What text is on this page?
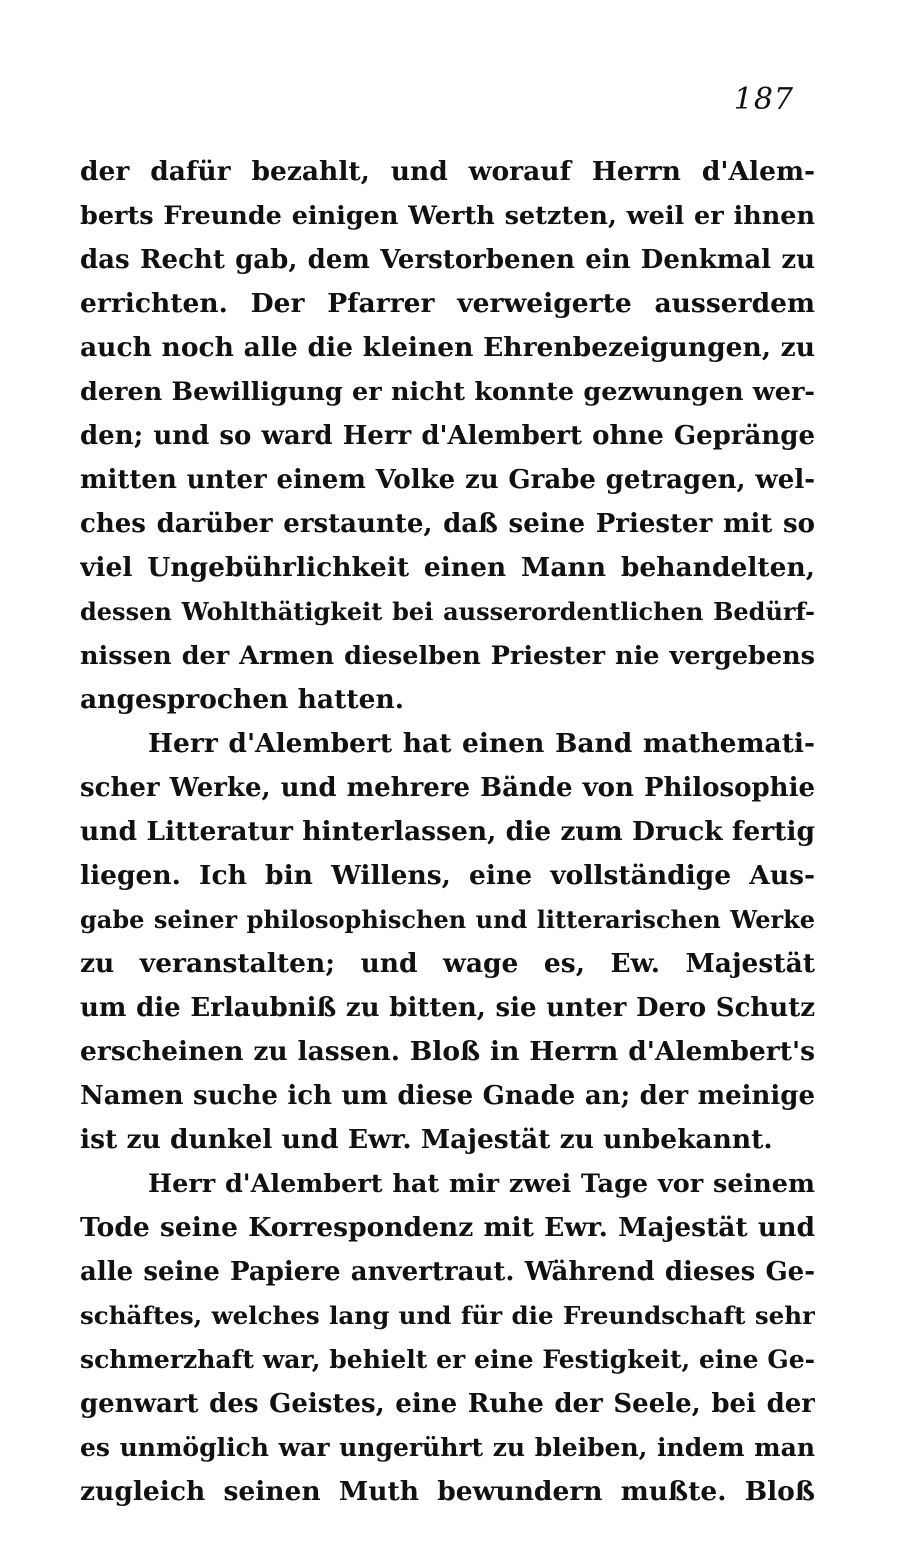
187
der dafür bezahlt, und worauf Herrn d'Alem-
berts Freunde einigen Werth setzten, weil er ihnen
das Recht gab, dem Verstorbenen ein Denkmal zu
errichten. Der Pfarrer verweigerte ausserdem
auch noch alle die kleinen Ehrenbezeigungen, zu
deren Bewilligung er nicht konnte gezwungen wer-
den; und so ward Herr d'Alembert ohne Gepränge
mitten unter einem Volke zu Grabe getragen, wel-
ches darüber erstaunte, daß seine Priester mit so
viel Ungebührlichkeit einen Mann behandelten,
dessen Wohlthätigkeit bei ausserordentlichen Bedürf-
nissen der Armen dieselben Priester nie vergebens
angesprochen hatten.
Herr d'Alembert hat einen Band mathemati-
scher Werke, und mehrere Bände von Philosophie
und Litteratur hinterlassen, die zum Druck fertig
liegen. Ich bin Willens, eine vollständige Aus-
gabe seiner philosophischen und litterarischen Werke
zu veranstalten; und wage es, Ew. Majestät
um die Erlaubniß zu bitten, sie unter Dero Schutz
erscheinen zu lassen. Bloß in Herrn d'Alembert's
Namen suche ich um diese Gnade an; der meinige
ist zu dunkel und Ewr. Majestät zu unbekannt.
Herr d'Alembert hat mir zwei Tage vor seinem
Tode seine Korrespondenz mit Ewr. Majestät und
alle seine Papiere anvertraut. Während dieses Ge-
schäftes, welches lang und für die Freundschaft sehr
schmerzhaft war, behielt er eine Festigkeit, eine Ge-
genwart des Geistes, eine Ruhe der Seele, bei der
es unmöglich war ungerührt zu bleiben, indem man
zugleich seinen Muth bewundern mußte. Bloß
